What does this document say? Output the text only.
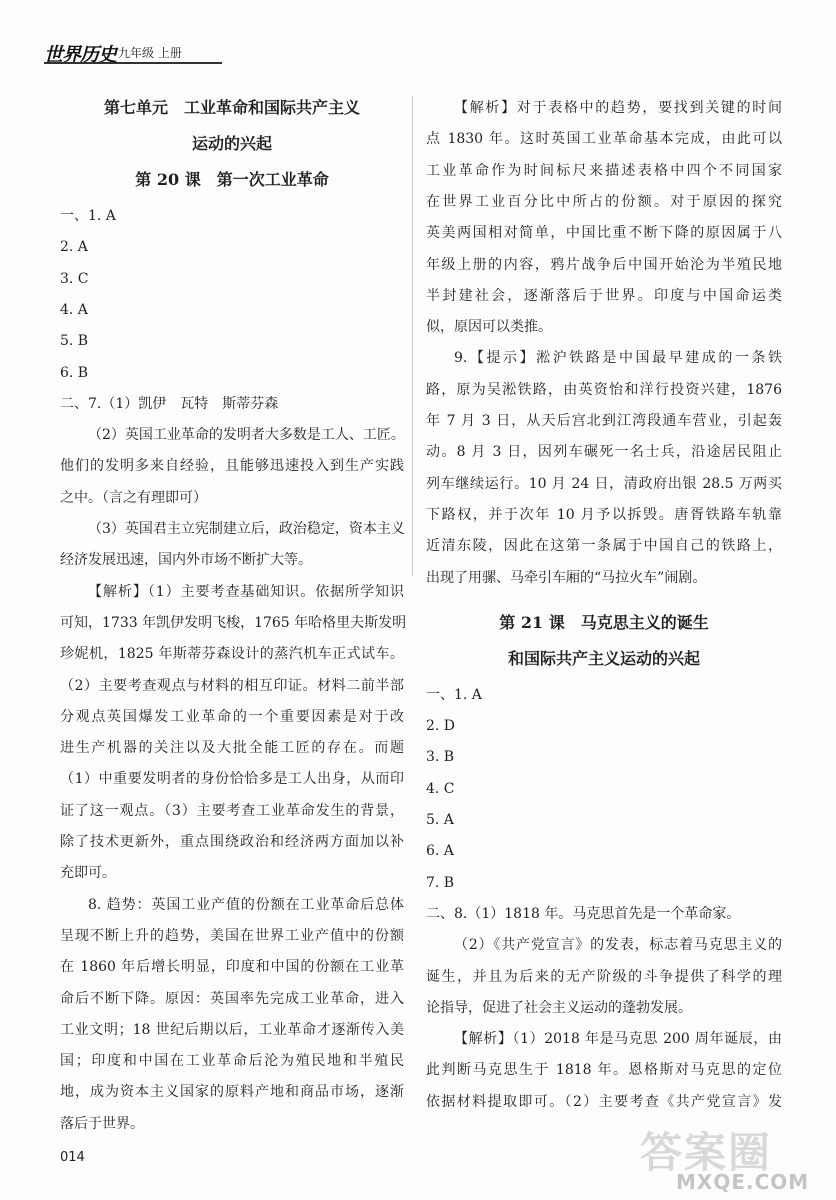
世界历史 九年级 上册
第七单元　工业革命和国际共产主义
运动的兴起
第 20 课　第一次工业革命
一、1. A
2. A
3. C
4. A
5. B
6. B
二、7.（1）凯伊　瓦特　斯蒂芬森
（2）英国工业革命的发明者大多数是工人、工匠。
他们的发明多来自经验，且能够迅速投入到生产实践
之中。（言之有理即可）
（3）英国君主立宪制建立后，政治稳定，资本主义
经济发展迅速，国内外市场不断扩大等。
【解析】（1）主要考查基础知识。依据所学知识
可知，1733 年凯伊发明飞梭，1765 年哈格里夫斯发明
珍妮机，1825 年斯蒂芬森设计的蒸汽机车正式试车。
（2）主要考查观点与材料的相互印证。材料二前半部
分观点英国爆发工业革命的一个重要因素是对于改
进生产机器的关注以及大批全能工匠的存在。而题
（1）中重要发明者的身份恰恰多是工人出身，从而印
证了这一观点。（3）主要考查工业革命发生的背景，
除了技术更新外，重点围绕政治和经济两方面加以补
充即可。
8. 趋势：英国工业产值的份额在工业革命后总体
呈现不断上升的趋势，美国在世界工业产值中的份额
在 1860 年后增长明显，印度和中国的份额在工业革
命后不断下降。原因：英国率先完成工业革命，进入
工业文明；18 世纪后期以后，工业革命才逐渐传入美
国；印度和中国在工业革命后沦为殖民地和半殖民
地，成为资本主义国家的原料产地和商品市场，逐渐
落后于世界。
【解析】对于表格中的趋势，要找到关键的时间
点 1830 年。这时英国工业革命基本完成，由此可以
工业革命作为时间标尺来描述表格中四个不同国家
在世界工业百分比中所占的份额。对于原因的探究
英美两国相对简单，中国比重不断下降的原因属于八
年级上册的内容，鸦片战争后中国开始沦为半殖民地
半封建社会，逐渐落后于世界。印度与中国命运类
似，原因可以类推。
9.【提示】淞沪铁路是中国最早建成的一条铁
路，原为吴淞铁路，由英资怡和洋行投资兴建，1876
年 7 月 3 日，从天后宫北到江湾段通车营业，引起轰
动。8 月 3 日，因列车碾死一名士兵，沿途居民阻止
列车继续运行。10 月 24 日，清政府出银 28.5 万两买
下路权，并于次年 10 月予以拆毁。唐胥铁路车轨靠
近清东陵，因此在这第一条属于中国自己的铁路上，
出现了用骡、马牵引车厢的“马拉火车”闹剧。
第 21 课　马克思主义的诞生
和国际共产主义运动的兴起
一、1. A
2. D
3. B
4. C
5. A
6. A
7. B
二、8.（1）1818 年。马克思首先是一个革命家。
（2）《共产党宣言》的发表，标志着马克思主义的
诞生，并且为后来的无产阶级的斗争提供了科学的理
论指导，促进了社会主义运动的蓬勃发展。
【解析】（1）2018 年是马克思 200 周年诞辰，由
此判断马克思生于 1818 年。恩格斯对马克思的定位
依据材料提取即可。（2）主要考查《共产党宣言》发
014	答案圈
MXQE.COM
